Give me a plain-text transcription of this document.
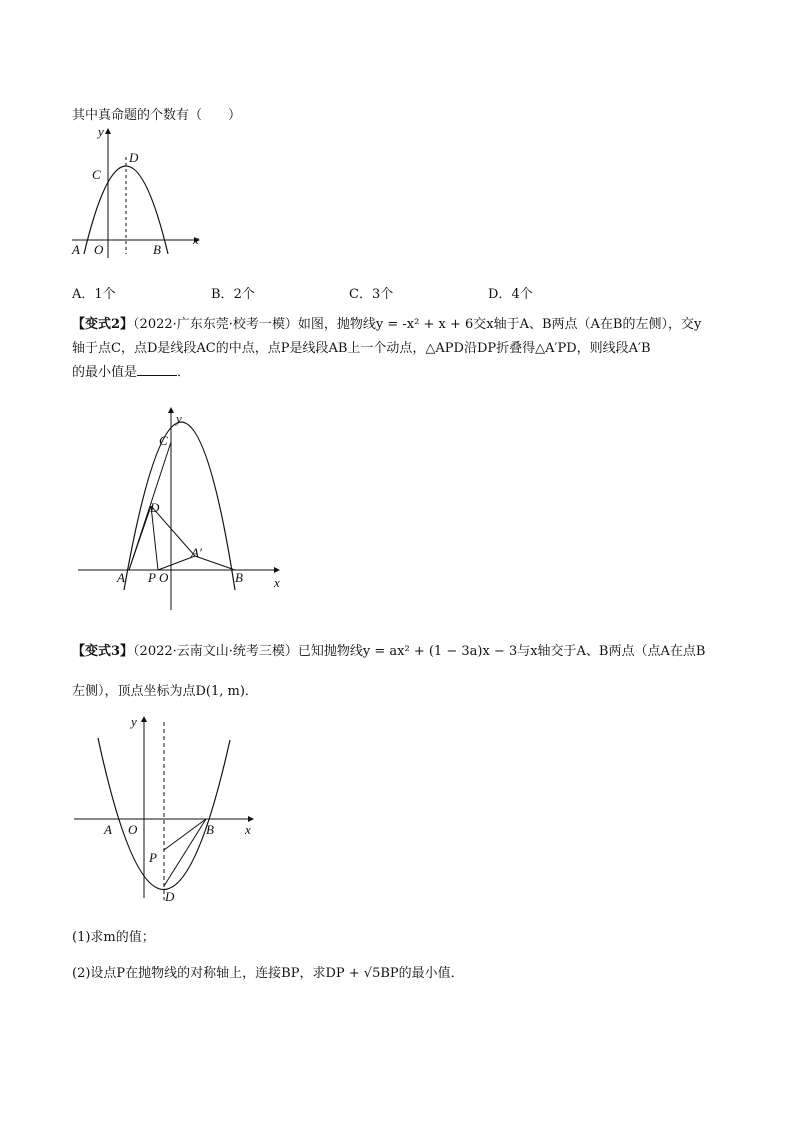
其中真命题的个数有（　　）
y
x
C
D
A O	B
A．1个	B．2个	C．3个	D．4个
【变式2】（2022·广东东莞·校考一模）如图，抛物线y = -x² + x + 6交x轴于A、B两点（A在B的左侧），交y
轴于点C，点D是线段AC的中点，点P是线段AB上一个动点，△APD沿DP折叠得△A′PD，则线段A′B
的最小值是	．
y
x
C
D
A′
A P O	B
【变式3】（2022·云南文山·统考三模）已知抛物线y = ax² + (1 − 3a)x − 3与x轴交于A、B两点（点A在点B
左侧），顶点坐标为点D(1, m)．
y
x
A O	B
P
D
(1)求m的值；
(2)设点P在抛物线的对称轴上，连接BP，求DP + √5BP的最小值．
